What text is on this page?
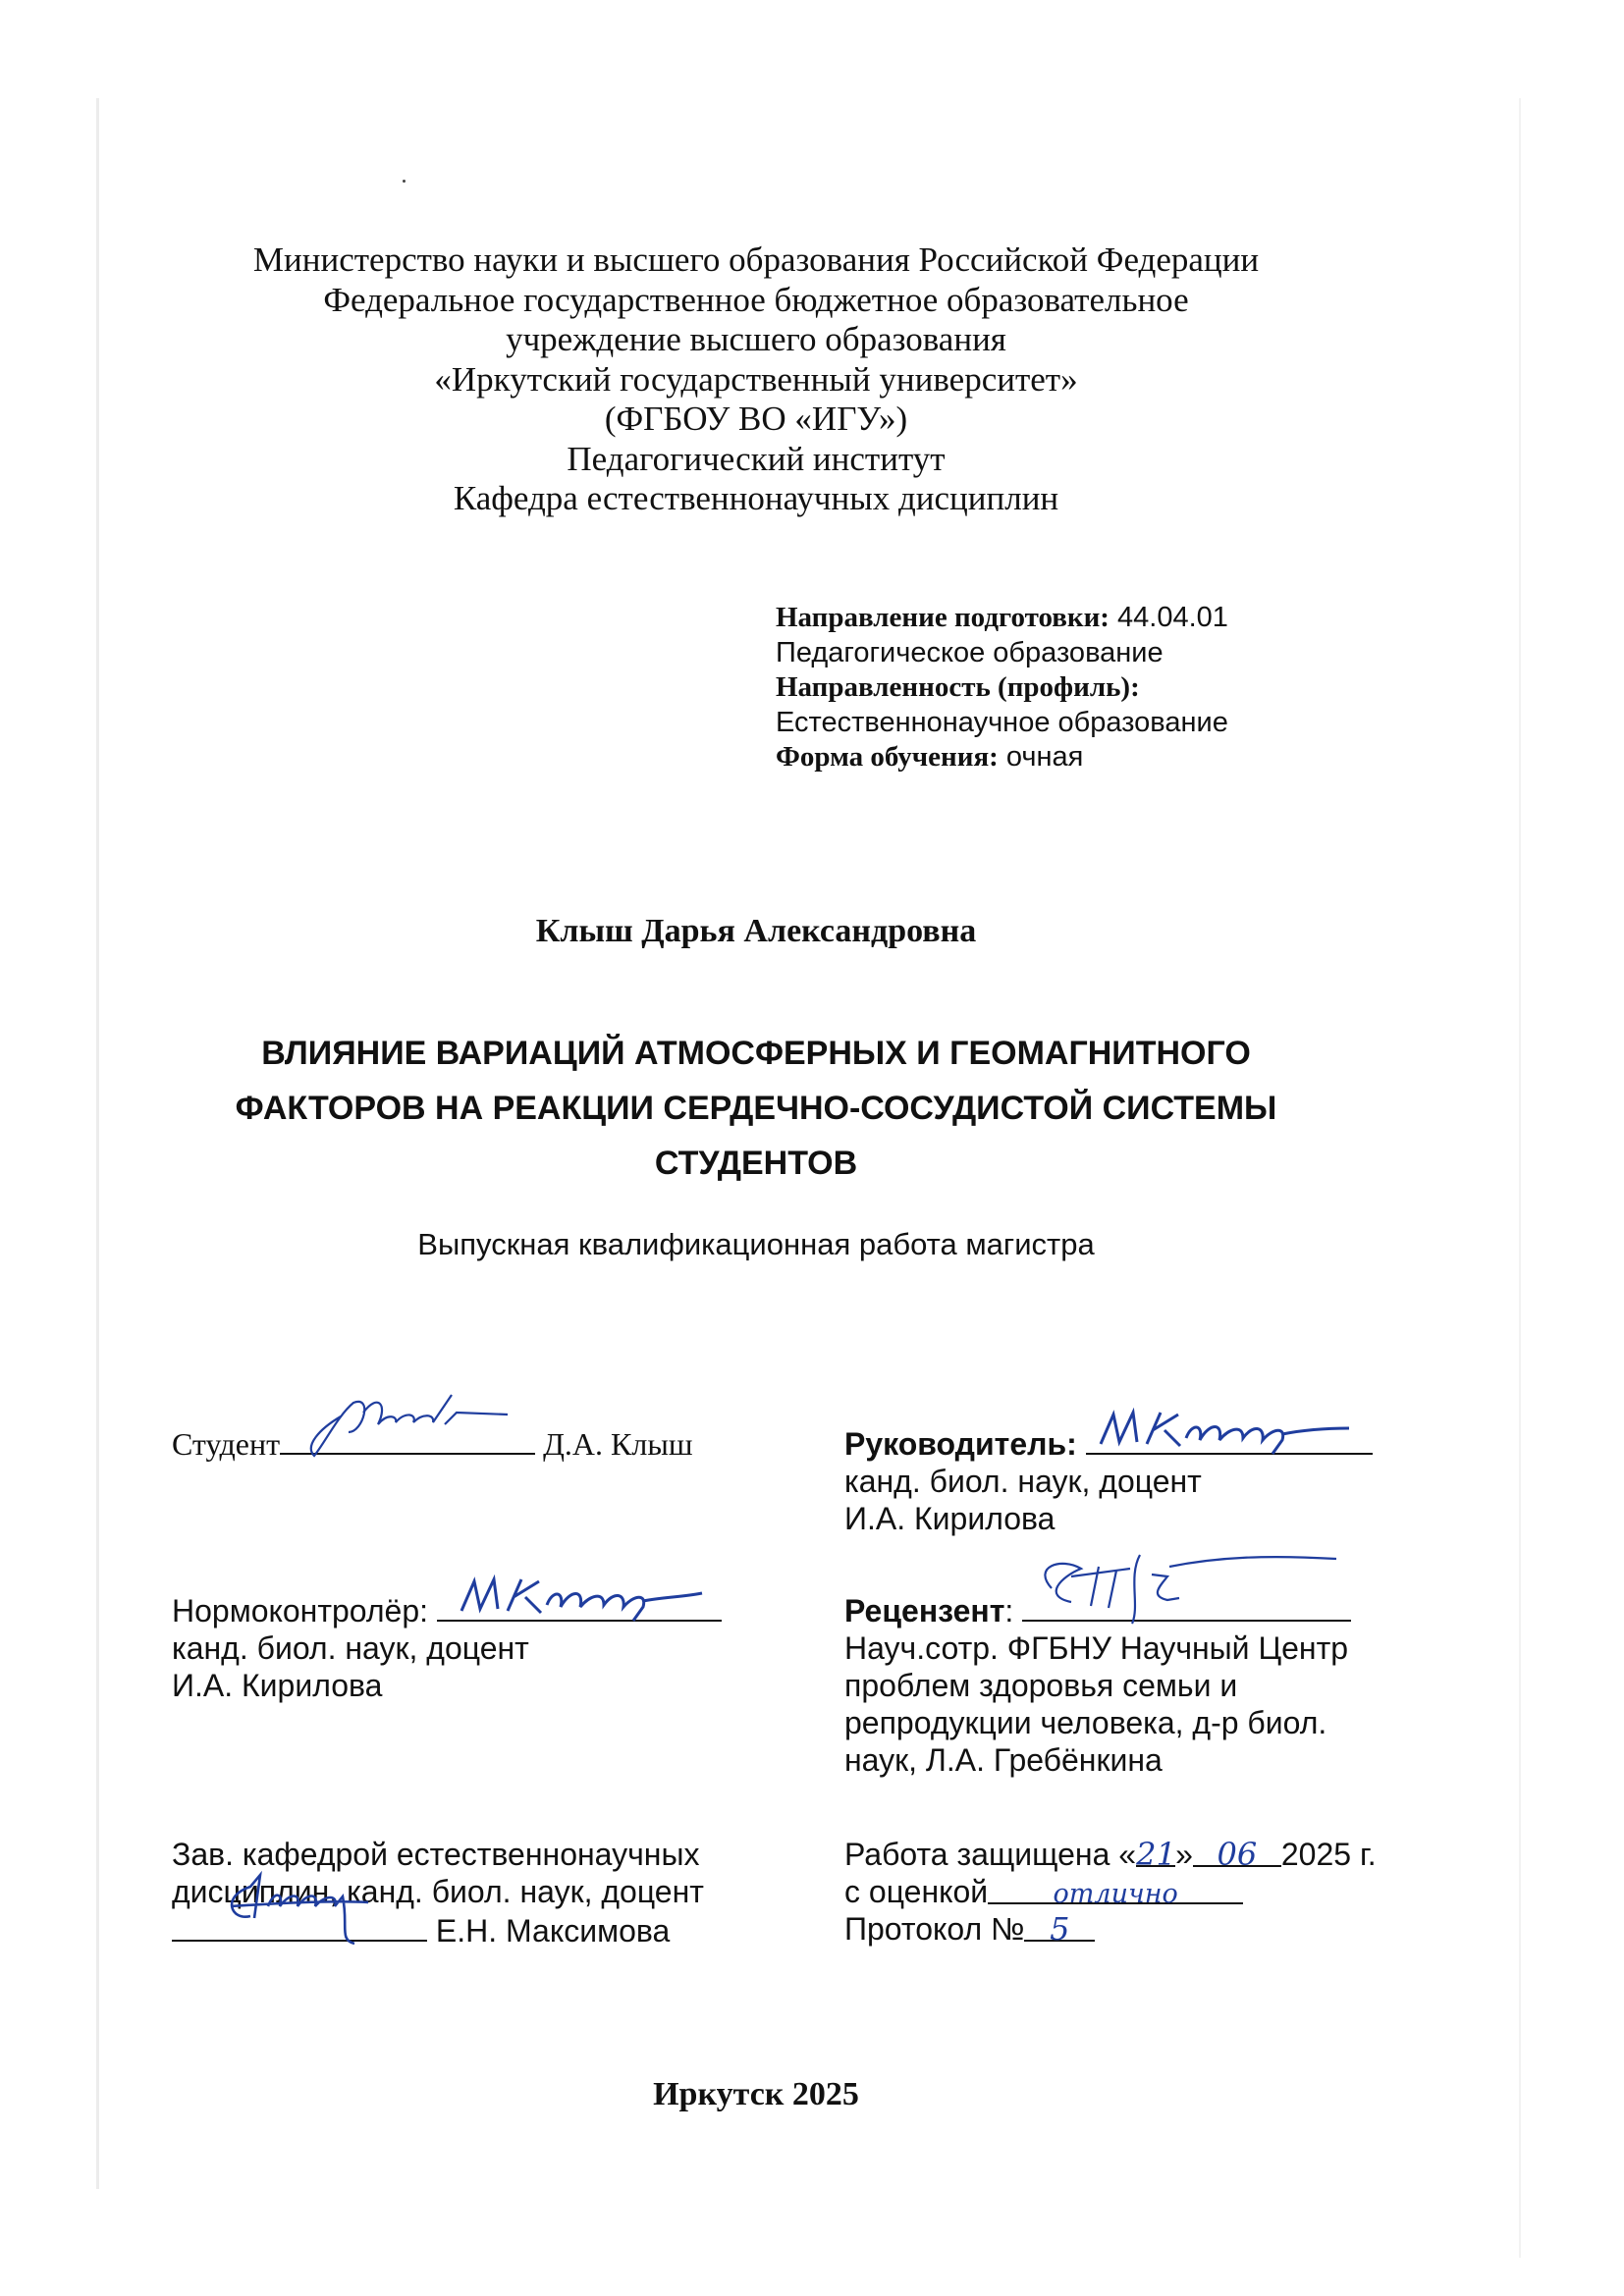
Министерство науки и высшего образования Российской Федерации
Федеральное государственное бюджетное образовательное
учреждение высшего образования
«Иркутский государственный университет»
(ФГБОУ ВО «ИГУ»)
Педагогический институт
Кафедра естественнонаучных дисциплин
Направление подготовки: 44.04.01
Педагогическое образование
Направленность (профиль):
Естественнонаучное образование
Форма обучения: очная
Клыш Дарья Александровна
ВЛИЯНИЕ ВАРИАЦИЙ АТМОСФЕРНЫХ И ГЕОМАГНИТНОГО
ФАКТОРОВ НА РЕАКЦИИ СЕРДЕЧНО-СОСУДИСТОЙ СИСТЕМЫ
СТУДЕНТОВ
Выпускная квалификационная работа магистра
Студент	Д.А. Клыш	Руководитель:
канд. биол. наук, доцент
И.А. Кирилова
Нормоконтролёр:
канд. биол. наук, доцент
И.А. Кирилова
Рецензент:
Науч.сотр. ФГБНУ Научный Центр
проблем здоровья семьи и
репродукции человека, д-р биол.
наук, Л.А. Гребёнкина
Зав. кафедрой естественнонаучных
дисциплин, канд. биол. наук, доцент
Е.Н. Максимова
Работа защищена «21» 06 2025 г.
с оценкой отлично
Протокол № 5
Иркутск 2025
